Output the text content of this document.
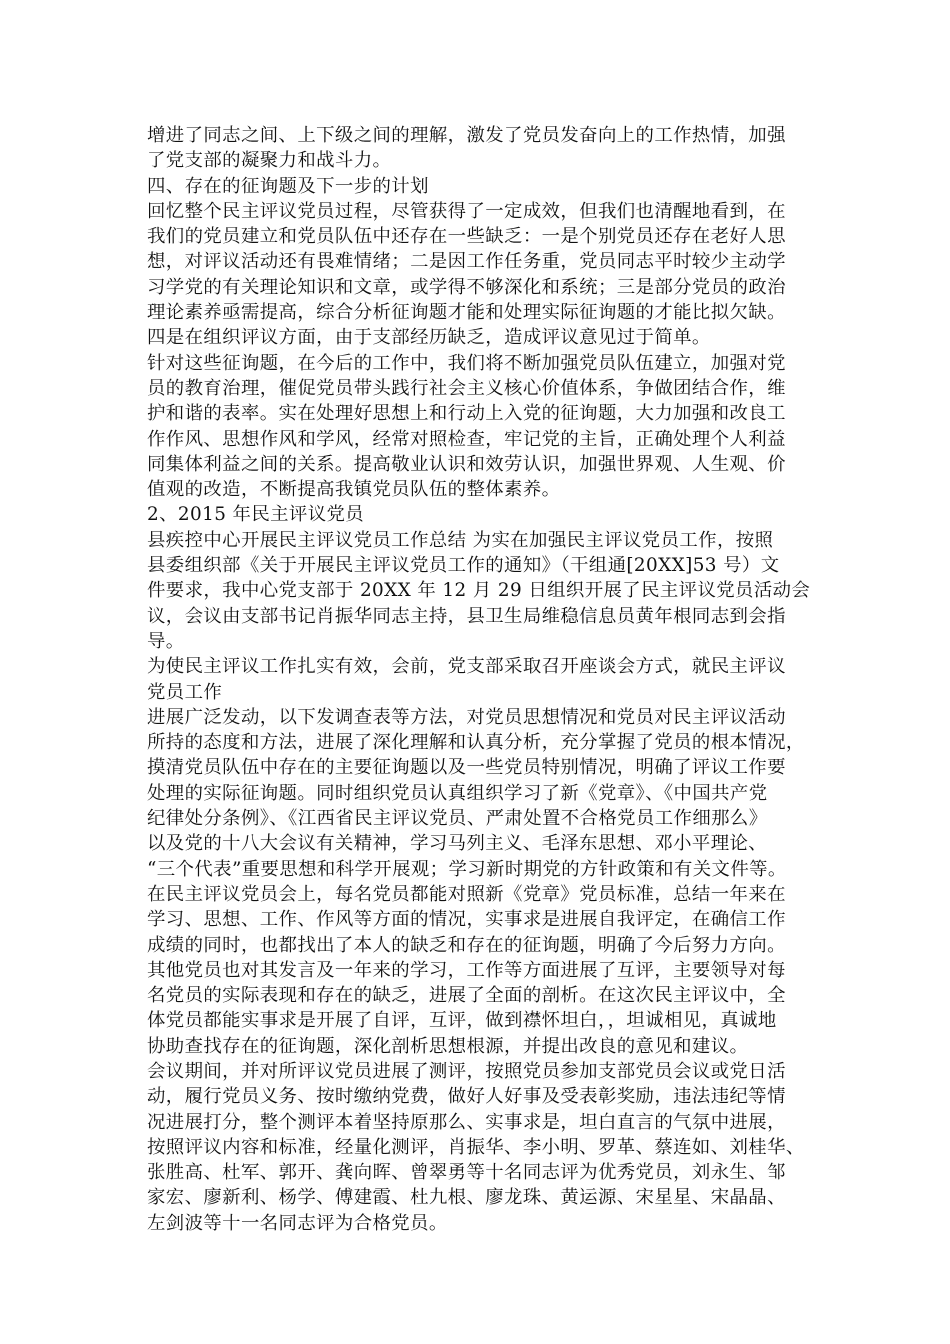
增进了同志之间、上下级之间的理解，激发了党员发奋向上的工作热情，加强
了党支部的凝聚力和战斗力。
四、存在的征询题及下一步的计划
回忆整个民主评议党员过程，尽管获得了一定成效，但我们也清醒地看到，在
我们的党员建立和党员队伍中还存在一些缺乏：一是个别党员还存在老好人思
想，对评议活动还有畏难情绪；二是因工作任务重，党员同志平时较少主动学
习学党的有关理论知识和文章，或学得不够深化和系统；三是部分党员的政治
理论素养亟需提高，综合分析征询题才能和处理实际征询题的才能比拟欠缺。
四是在组织评议方面，由于支部经历缺乏，造成评议意见过于简单。
针对这些征询题，在今后的工作中，我们将不断加强党员队伍建立，加强对党
员的教育治理，催促党员带头践行社会主义核心价值体系，争做团结合作，维
护和谐的表率。实在处理好思想上和行动上入党的征询题，大力加强和改良工
作作风、思想作风和学风，经常对照检查，牢记党的主旨，正确处理个人利益
同集体利益之间的关系。提高敬业认识和效劳认识，加强世界观、人生观、价
值观的改造，不断提高我镇党员队伍的整体素养。
2、2015 年民主评议党员
县疾控中心开展民主评议党员工作总结 为实在加强民主评议党员工作，按照
县委组织部《关于开展民主评议党员工作的通知》（干组通[20XX]53 号）文
件要求，我中心党支部于 20XX 年 12 月 29 日组织开展了民主评议党员活动会
议，会议由支部书记肖振华同志主持，县卫生局维稳信息员黄年根同志到会指
导。
为使民主评议工作扎实有效，会前，党支部采取召开座谈会方式，就民主评议
党员工作
进展广泛发动，以下发调查表等方法，对党员思想情况和党员对民主评议活动
所持的态度和方法，进展了深化理解和认真分析，充分掌握了党员的根本情况，
摸清党员队伍中存在的主要征询题以及一些党员特别情况，明确了评议工作要
处理的实际征询题。同时组织党员认真组织学习了新《党章》、《中国共产党
纪律处分条例》、《江西省民主评议党员、严肃处置不合格党员工作细那么》
以及党的十八大会议有关精神，学习马列主义、毛泽东思想、邓小平理论、
“三个代表”重要思想和科学开展观；学习新时期党的方针政策和有关文件等。
在民主评议党员会上，每名党员都能对照新《党章》党员标准，总结一年来在
学习、思想、工作、作风等方面的情况，实事求是进展自我评定，在确信工作
成绩的同时，也都找出了本人的缺乏和存在的征询题，明确了今后努力方向。
其他党员也对其发言及一年来的学习，工作等方面进展了互评，主要领导对每
名党员的实际表现和存在的缺乏，进展了全面的剖析。在这次民主评议中，全
体党员都能实事求是开展了自评，互评，做到襟怀坦白，，坦诚相见，真诚地
协助查找存在的征询题，深化剖析思想根源，并提出改良的意见和建议。
会议期间，并对所评议党员进展了测评，按照党员参加支部党员会议或党日活
动，履行党员义务、按时缴纳党费，做好人好事及受表彰奖励，违法违纪等情
况进展打分，整个测评本着坚持原那么、实事求是，坦白直言的气氛中进展，
按照评议内容和标准，经量化测评，肖振华、李小明、罗革、蔡连如、刘桂华、
张胜高、杜军、郭开、龚向晖、曾翠勇等十名同志评为优秀党员，刘永生、邹
家宏、廖新利、杨学、傅建霞、杜九根、廖龙珠、黄运源、宋星星、宋晶晶、
左剑波等十一名同志评为合格党员。
